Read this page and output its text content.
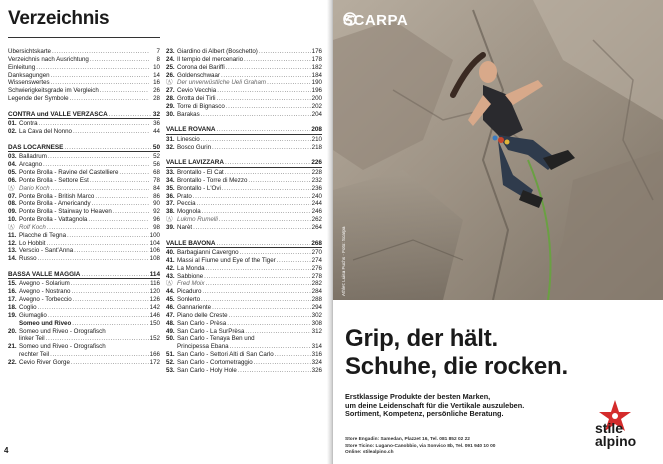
Verzeichnis
Übersichtskarte .....	7
Verzeichnis nach Ausrichtung .....	8
Einleitung .....	10
Danksagungen .....	14
Wissenswertes .....	16
Schwierigkeitsgrade im Vergleich .....	26
Legende der Symbole .....	28
CONTRA und VALLE VERZASCA .....	32
01. Contra .....	36
02. La Cava del Nonno .....	44
DAS LOCARNESE .....	50
03. Balladrum .....	52
04. Arcagno .....	56
05. Ponte Brolla - Ravine del Castelliere .....	68
06. Ponte Brolla - Settore Est .....	78
Ⓐ Dario Koch .....	84
07. Ponte Brolla - British Marco .....	86
08. Ponte Brolla - Americandy .....	90
09. Ponte Brolla - Stairway to Heaven .....	92
10. Ponte Brolla - Vattagnola .....	96
Ⓐ Rolf Koch .....	98
11. Placche di Tegna .....	100
12. Lo Hobbit .....	104
13. Verscio - Sant'Anna .....	106
14. Russo .....	108
BASSA VALLE MAGGIA .....	114
15. Avegno - Solarium .....	116
16. Avegno - Nostrano .....	120
17. Avegno - Torbeccio .....	126
18. Coglio .....	142
19. Giumaglio .....	146
Someo und Riveo .....	150
20. Someo und Riveo - Orografisch
linker Teil .....	152
21. Someo und Riveo - Orografisch
rechter Teil .....	166
22. Cevio River Gorge .....	172
23. Giardino di Albert (Boschetto) .....	176
24. Il tempio del mercenario .....	178
25. Corona dei Bariffi .....	182
26. Goldenschwaar .....	184
Ⓐ Der unverwüstliche Ueli Graham .....	190
27. Cevio Vecchia .....	196
28. Grotta dei Tirli .....	200
29. Torre di Bignasco .....	202
30. Barakas .....	204
VALLE ROVANA .....	208
31. Linescio .....	210
32. Bosco Gurin .....	218
VALLE LAVIZZARA .....	226
33. Brontallo - El Cat .....	228
34. Brontallo - Torre di Mezzo .....	232
35. Brontallo - L'Ovi .....	236
36. Prato .....	240
37. Peccia .....	244
38. Mognola .....	246
Ⓐ Lukmo Rumelli .....	262
39. Narèt .....	264
VALLE BAVONA .....	268
40. Barbagianni Cavergno .....	270
41. Massi al Fiume und Eye of the Tiger .....	274
42. La Monda .....	276
43. Sabbione .....	278
Ⓐ Fred Moix .....	282
44. Picaduro .....	284
45. Sonlerto .....	288
46. Gannariente .....	294
47. Piano delle Creste .....	302
48. San Carlo - Prèsa .....	308
49. San Carlo - La SurPrèsa .....	312
50. San Carlo - Tenaya Ben und
Principessa Ebana .....	314
51. San Carlo - Settori Alti di San Carlo .....	316
52. San Carlo - Cortometraggio .....	324
53. San Carlo - Holy Hole .....	326
4
SCARPA
Athlet: Luisa Fuchs · Foto: Scarpa
Grip, der hält.
Schuhe, die rocken.
Erstklassige Produkte der besten Marken,
um deine Leidenschaft für die Vertikale auszuleben.
Sortiment, Kompetenz, persönliche Beratung.
Store Engadin: Samedan, Plazzet 16, Tel. 081 852 02 22
Store Ticino: Lugano-Canobbio, via Sonvico 8b, Tel. 091 940 10 00
Online: stilealpino.ch
stile
alpino
